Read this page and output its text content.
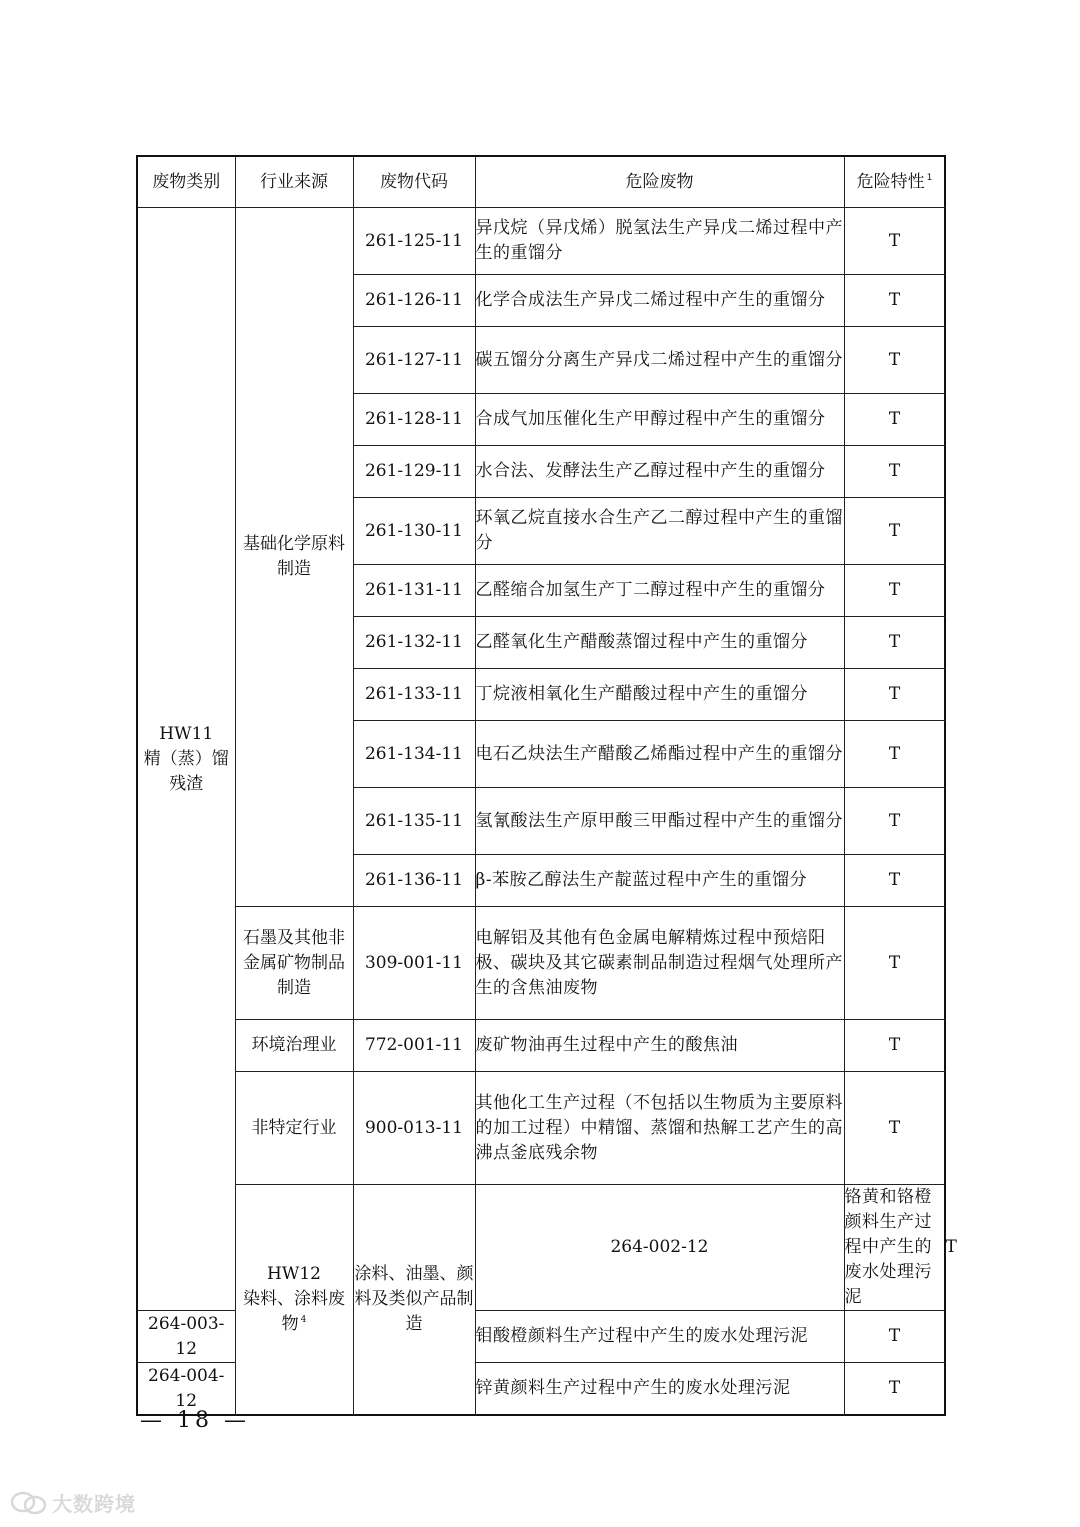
废物类别	行业来源	废物代码	危险废物	危险特性 $^1$

HW11
精（蒸）馏残渣	基础化学原料制造	261-125-11	异戊烷（异戊烯）脱氢法生产异戊二烯过程中产生的重馏分	T	
		261-126-11	化学合成法生产异戊二烯过程中产生的重馏分	T	
		261-127-11	碳五馏分分离生产异戊二烯过程中产生的重馏分	T	
		261-128-11	合成气加压催化生产甲醇过程中产生的重馏分	T	
		261-129-11	水合法、发酵法生产乙醇过程中产生的重馏分	T	
		261-130-11	环氧乙烷直接水合生产乙二醇过程中产生的重馏分	T	
		261-131-11	乙醛缩合加氢生产丁二醇过程中产生的重馏分	T	
		261-132-11	乙醛氧化生产醋酸蒸馏过程中产生的重馏分	T	
		261-133-11	丁烷液相氧化生产醋酸过程中产生的重馏分	T	
		261-134-11	电石乙炔法生产醋酸乙烯酯过程中产生的重馏分	T	
		261-135-11	氢氰酸法生产原甲酸三甲酯过程中产生的重馏分	T	
		261-136-11	β-苯胺乙醇法生产靛蓝过程中产生的重馏分	T	
	石墨及其他非金属矿物制品制造	309-001-11	电解铝及其他有色金属电解精炼过程中预焙阳极、碳块及其它碳素制品制造过程烟气处理所产生的含焦油废物	T	
	环境治理业	772-001-11	废矿物油再生过程中产生的酸焦油	T	
	非特定行业	900-013-11	其他化工生产过程（不包括以生物质为主要原料的加工过程）中精馏、蒸馏和热解工艺产生的高沸点釜底残余物	T	

	HW12
染料、涂料废物 $^4$	涂料、油墨、颜料及类似产品制造	264-002-12	铬黄和铬橙颜料生产过程中产生的废水处理污泥	T
264-003-12			钼酸橙颜料生产过程中产生的废水处理污泥	T	
264-004-12			锌黄颜料生产过程中产生的废水处理污泥	T	
— 18 —
大数跨境
